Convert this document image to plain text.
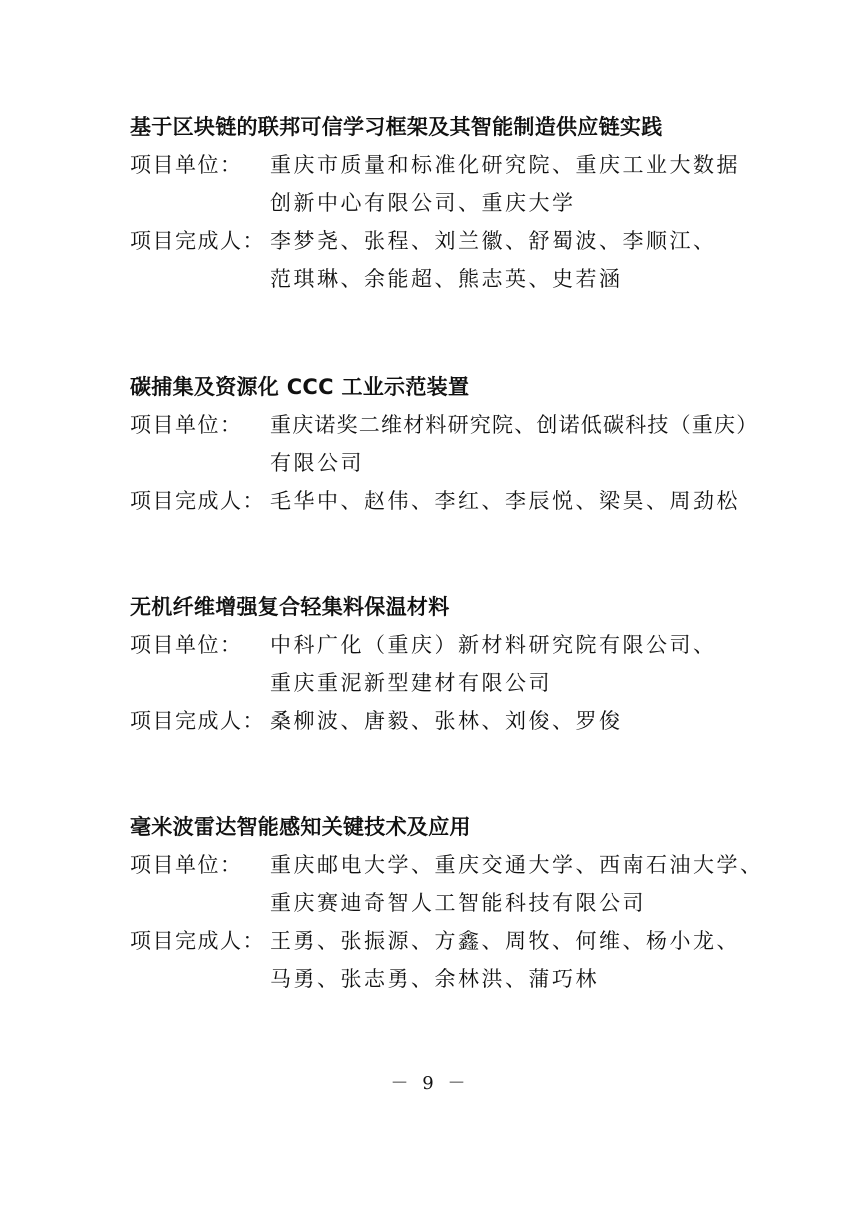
基于区块链的联邦可信学习框架及其智能制造供应链实践
项目单位：	重庆市质量和标准化研究院、重庆工业大数据
创新中心有限公司、重庆大学
项目完成人： 李梦尧、张程、刘兰徽、舒蜀波、李顺江、
范琪琳、余能超、熊志英、史若涵
碳捕集及资源化 CCC 工业示范装置
项目单位：	重庆诺奖二维材料研究院、创诺低碳科技（重庆）
有限公司
项目完成人： 毛华中、赵伟、李红、李辰悦、梁昊、周劲松
无机纤维增强复合轻集料保温材料
项目单位：	中科广化（重庆）新材料研究院有限公司、
重庆重泥新型建材有限公司
项目完成人： 桑柳波、唐毅、张林、刘俊、罗俊
毫米波雷达智能感知关键技术及应用
项目单位：	重庆邮电大学、重庆交通大学、西南石油大学、
重庆赛迪奇智人工智能科技有限公司
项目完成人： 王勇、张振源、方鑫、周牧、何维、杨小龙、
马勇、张志勇、余林洪、蒲巧林
－ 9 －
